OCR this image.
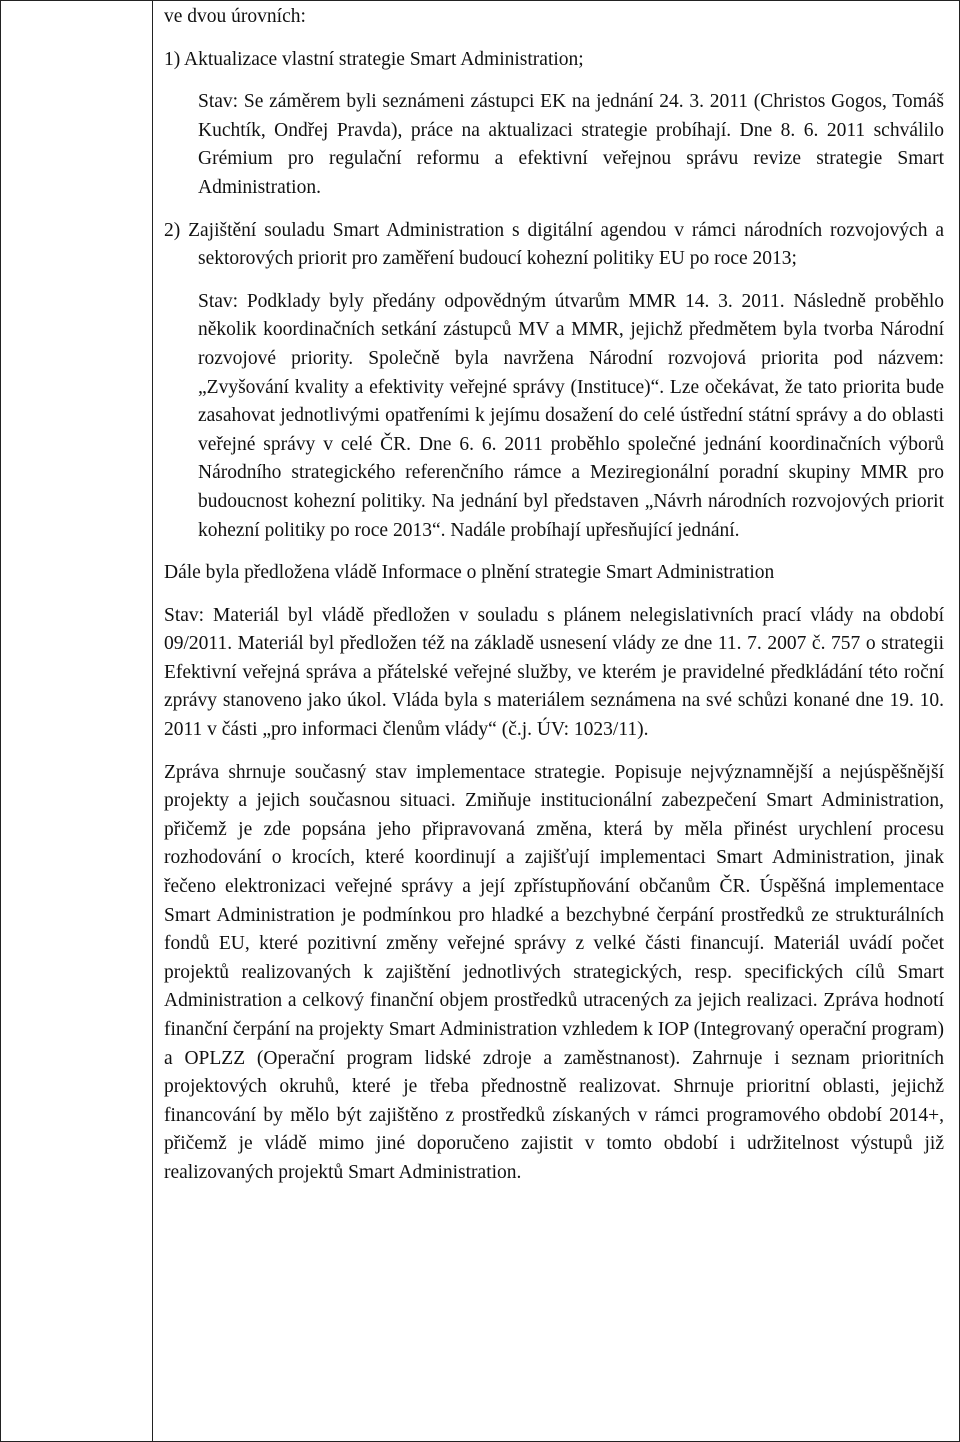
ve dvou úrovních:

1) Aktualizace vlastní strategie Smart Administration;

Stav: Se záměrem byli seznámeni zástupci EK na jednání 24. 3. 2011 (Christos Gogos, Tomáš Kuchtík, Ondřej Pravda), práce na aktualizaci strategie probíhají. Dne 8. 6. 2011 schválilo Grémium pro regulační reformu a efektivní veřejnou správu revize strategie Smart Administration.

2) Zajištění souladu Smart Administration s digitální agendou v rámci národních rozvojových a sektorových priorit pro zaměření budoucí kohezní politiky EU po roce 2013;

Stav: Podklady byly předány odpovědným útvarům MMR 14. 3. 2011. Následně proběhlo několik koordinačních setkání zástupců MV a MMR, jejichž předmětem byla tvorba Národní rozvojové priority. Společně byla navržena Národní rozvojová priorita pod názvem: „Zvyšování kvality a efektivity veřejné správy (Instituce)“. Lze očekávat, že tato priorita bude zasahovat jednotlivými opatřeními k jejímu dosažení do celé ústřední státní správy a do oblasti veřejné správy v celé ČR. Dne 6. 6. 2011 proběhlo společné jednání koordinačních výborů Národního strategického referenčního rámce a Meziregionální poradní skupiny MMR pro budoucnost kohezní politiky. Na jednání byl představen „Návrh národních rozvojových priorit kohezní politiky po roce 2013“. Nadále probíhají upřesňující jednání.

Dále byla předložena vládě Informace o plnění strategie Smart Administration

Stav: Materiál byl vládě předložen v souladu s plánem nelegislativních prací vlády na období 09/2011. Materiál byl předložen též na základě usnesení vlády ze dne 11. 7. 2007 č. 757 o strategii Efektivní veřejná správa a přátelské veřejné služby, ve kterém je pravidelné předkládání této roční zprávy stanoveno jako úkol. Vláda byla s materiálem seznámena na své schůzi konané dne 19. 10. 2011 v části „pro informaci členům vlády“ (č.j. ÚV: 1023/11).

Zpráva shrnuje současný stav implementace strategie. Popisuje nejvýznamnější a nejúspěšnější projekty a jejich současnou situaci. Zmiňuje institucionální zabezpečení Smart Administration, přičemž je zde popsána jeho připravovaná změna, která by měla přinést urychlení procesu rozhodování o krocích, které koordinují a zajišťují implementaci Smart Administration, jinak řečeno elektronizaci veřejné správy a její zpřístupňování občanům ČR. Úspěšná implementace Smart Administration je podmínkou pro hladké a bezchybné čerpání prostředků ze strukturálních fondů EU, které pozitivní změny veřejné správy z velké části financují. Materiál uvádí počet projektů realizovaných k zajištění jednotlivých strategických, resp. specifických cílů Smart Administration a celkový finanční objem prostředků utracených za jejich realizaci. Zpráva hodnotí finanční čerpání na projekty Smart Administration vzhledem k IOP (Integrovaný operační program) a OPLZZ (Operační program lidské zdroje a zaměstnanost). Zahrnuje i seznam prioritních projektových okruhů, které je třeba přednostně realizovat. Shrnuje prioritní oblasti, jejichž financování by mělo být zajištěno z prostředků získaných v rámci programového období 2014+, přičemž je vládě mimo jiné doporučeno zajistit v tomto období i udržitelnost výstupů již realizovaných projektů Smart Administration.
